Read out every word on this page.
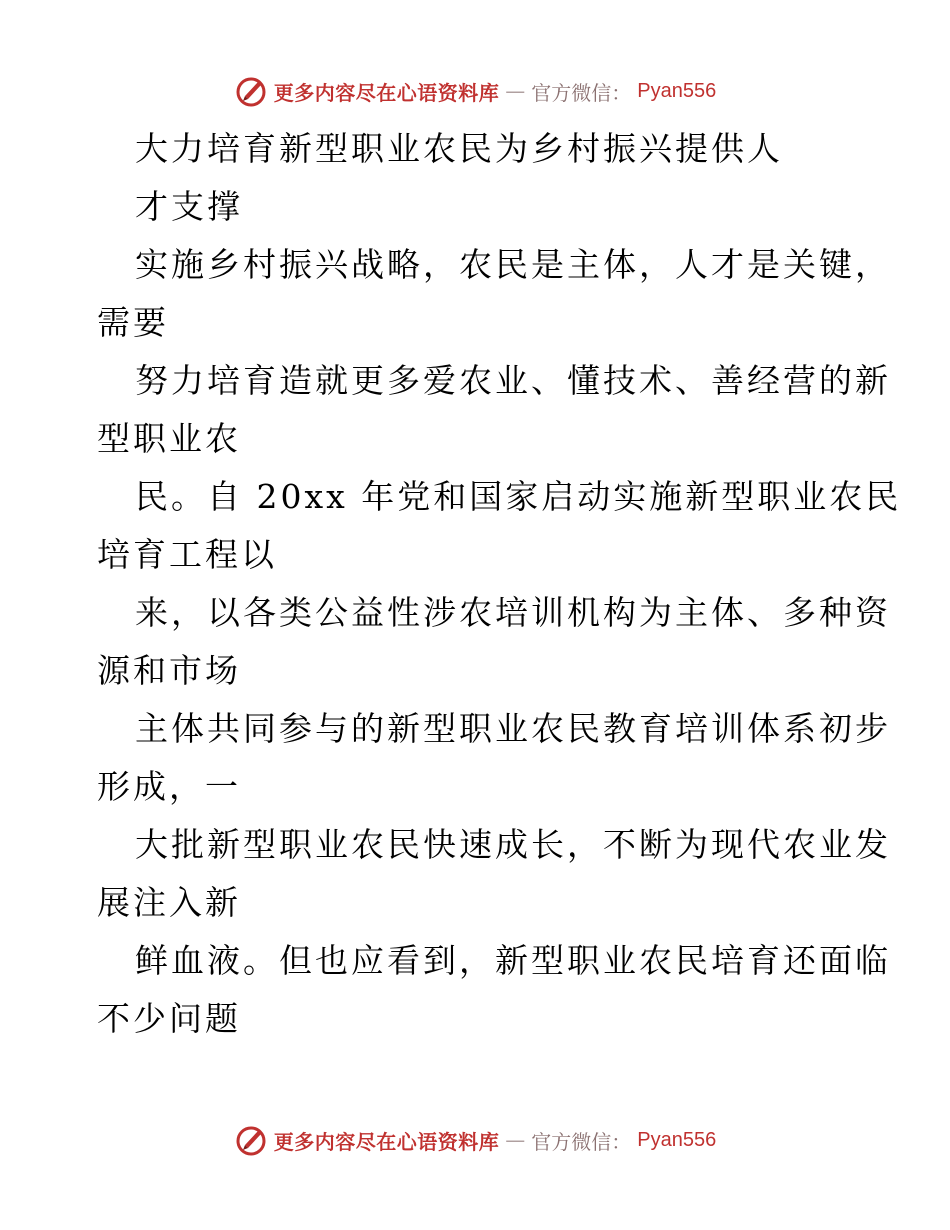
更多内容尽在心语资料库 — 官方微信： Pyan556
大力培育新型职业农民为乡村振兴提供人
才支撑
实施乡村振兴战略，农民是主体，人才是关键，
需要
努力培育造就更多爱农业、懂技术、善经营的新
型职业农
民。自 20xx 年党和国家启动实施新型职业农民
培育工程以
来，以各类公益性涉农培训机构为主体、多种资
源和市场
主体共同参与的新型职业农民教育培训体系初步
形成，一
大批新型职业农民快速成长，不断为现代农业发
展注入新
鲜血液。但也应看到，新型职业农民培育还面临
不少问题
更多内容尽在心语资料库 — 官方微信： Pyan556
